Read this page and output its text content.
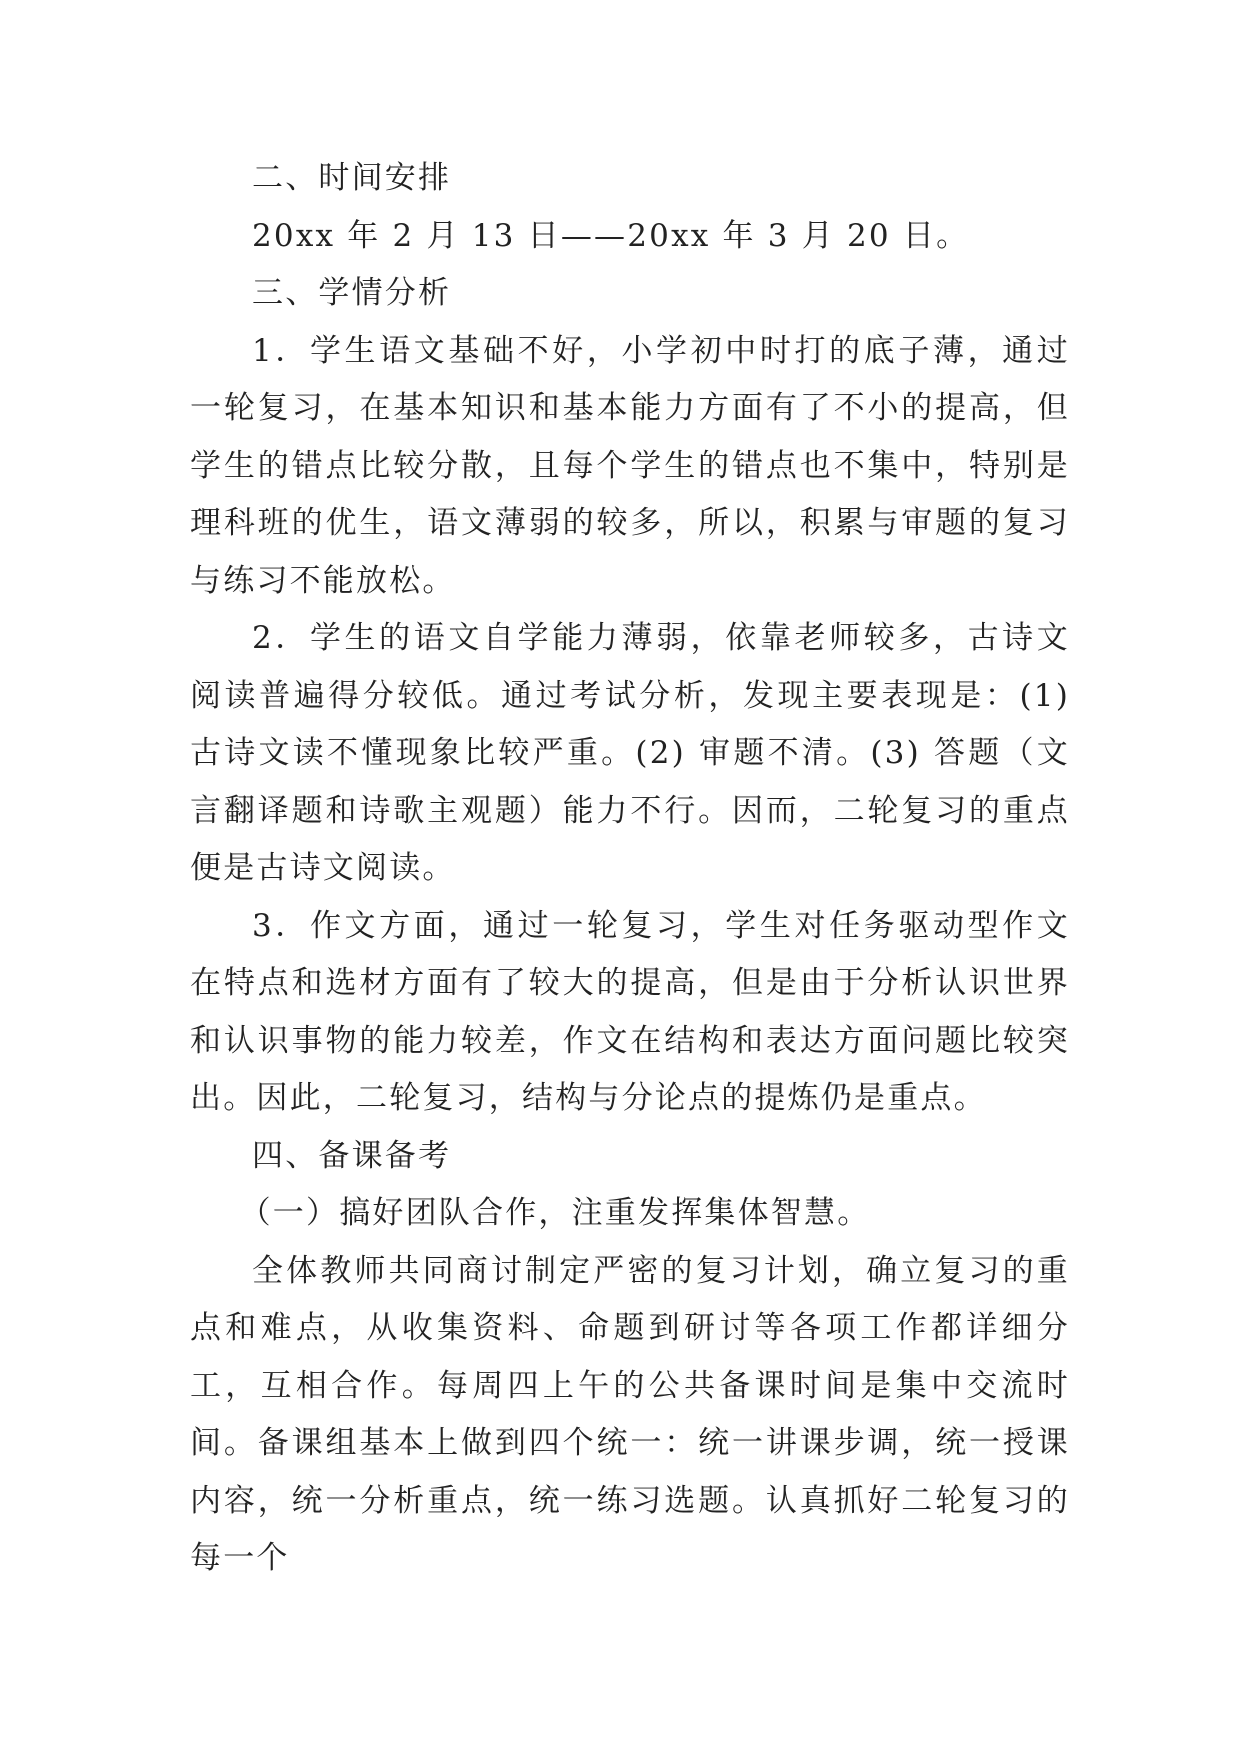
二、时间安排

20xx 年 2 月 13 日——20xx 年 3 月 20 日。

三、学情分析

1．学生语文基础不好，小学初中时打的底子薄，通过一轮复习，在基本知识和基本能力方面有了不小的提高，但学生的错点比较分散，且每个学生的错点也不集中，特别是理科班的优生，语文薄弱的较多，所以，积累与审题的复习与练习不能放松。

2．学生的语文自学能力薄弱，依靠老师较多，古诗文阅读普遍得分较低。通过考试分析，发现主要表现是：(1) 古诗文读不懂现象比较严重。(2) 审题不清。(3) 答题（文言翻译题和诗歌主观题）能力不行。因而，二轮复习的重点便是古诗文阅读。

3．作文方面，通过一轮复习，学生对任务驱动型作文在特点和选材方面有了较大的提高，但是由于分析认识世界和认识事物的能力较差，作文在结构和表达方面问题比较突出。因此，二轮复习，结构与分论点的提炼仍是重点。

四、备课备考

（一）搞好团队合作，注重发挥集体智慧。

全体教师共同商讨制定严密的复习计划，确立复习的重点和难点，从收集资料、命题到研讨等各项工作都详细分工，互相合作。每周四上午的公共备课时间是集中交流时间。备课组基本上做到四个统一：统一讲课步调，统一授课内容，统一分析重点，统一练习选题。认真抓好二轮复习的每一个
